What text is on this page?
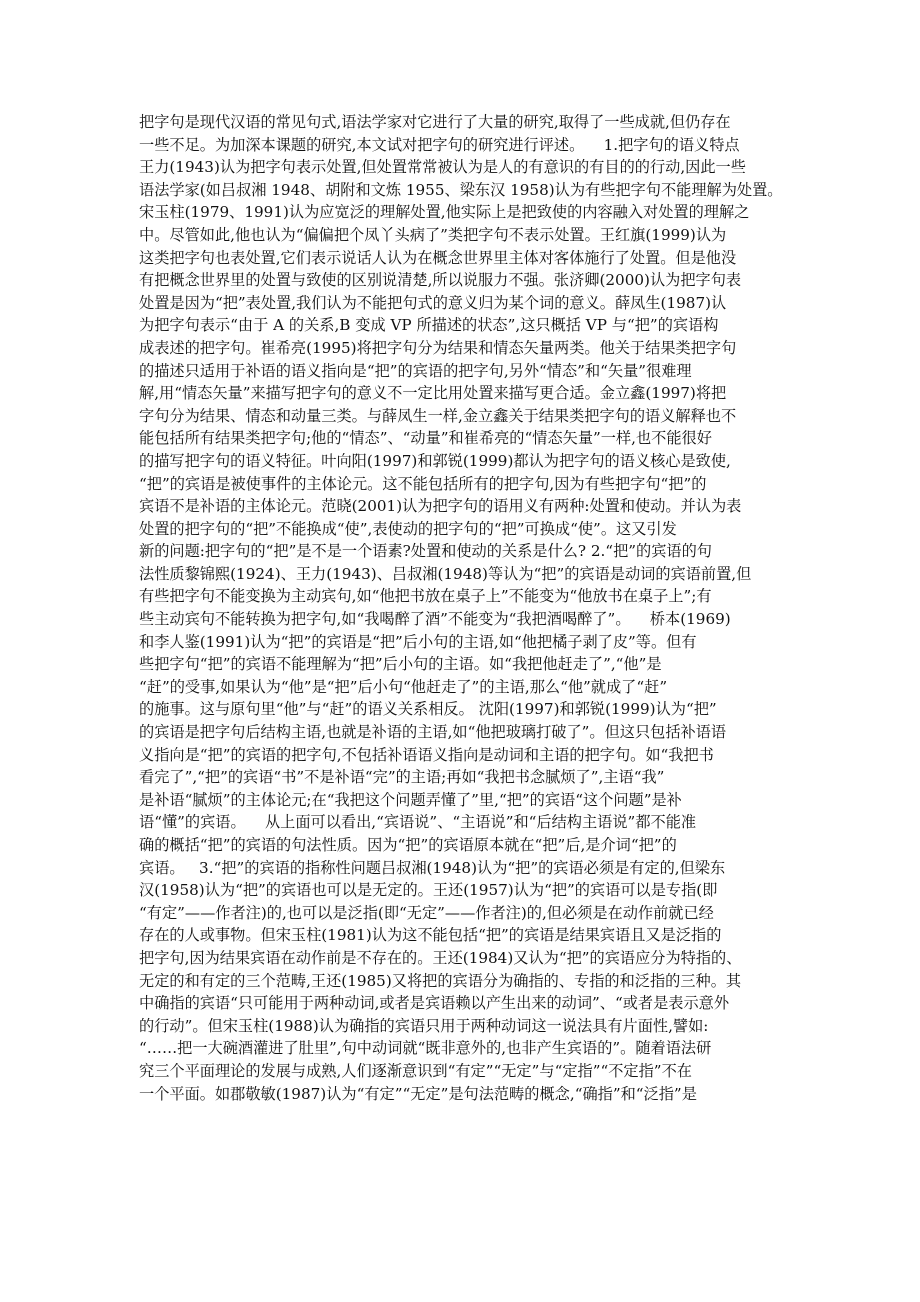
把字句是现代汉语的常见句式,语法学家对它进行了大量的研究,取得了一些成就,但仍存在
一些不足。为加深本课题的研究,本文试对把字句的研究进行评述。    1.把字句的语义特点
王力(1943)认为把字句表示处置,但处置常常被认为是人的有意识的有目的的行动,因此一些
语法学家(如吕叔湘 1948、胡附和文炼 1955、梁东汉 1958)认为有些把字句不能理解为处置。
宋玉柱(1979、1991)认为应宽泛的理解处置,他实际上是把致使的内容融入对处置的理解之
中。尽管如此,他也认为“偏偏把个凤丫头病了”类把字句不表示处置。王红旗(1999)认为
这类把字句也表处置,它们表示说话人认为在概念世界里主体对客体施行了处置。但是他没
有把概念世界里的处置与致使的区别说清楚,所以说服力不强。张济卿(2000)认为把字句表
处置是因为“把”表处置,我们认为不能把句式的意义归为某个词的意义。薛凤生(1987)认
为把字句表示“由于 A 的关系,B 变成 VP 所描述的状态”,这只概括 VP 与“把”的宾语构
成表述的把字句。崔希亮(1995)将把字句分为结果和情态矢量两类。他关于结果类把字句
的描述只适用于补语的语义指向是“把”的宾语的把字句,另外“情态”和“矢量”很难理
解,用“情态矢量”来描写把字句的意义不一定比用处置来描写更合适。金立鑫(1997)将把
字句分为结果、情态和动量三类。与薛凤生一样,金立鑫关于结果类把字句的语义解释也不
能包括所有结果类把字句;他的“情态”、“动量”和崔希亮的“情态矢量”一样,也不能很好
的描写把字句的语义特征。叶向阳(1997)和郭锐(1999)都认为把字句的语义核心是致使,
“把”的宾语是被使事件的主体论元。这不能包括所有的把字句,因为有些把字句“把”的
宾语不是补语的主体论元。范晓(2001)认为把字句的语用义有两种:处置和使动。并认为表
处置的把字句的“把”不能换成“使”,表使动的把字句的“把”可换成“使”。这又引发
新的问题:把字句的“把”是不是一个语素?处置和使动的关系是什么? 2.“把”的宾语的句
法性质黎锦熙(1924)、王力(1943)、吕叔湘(1948)等认为“把”的宾语是动词的宾语前置,但
有些把字句不能变换为主动宾句,如“他把书放在桌子上”不能变为“他放书在桌子上”;有
些主动宾句不能转换为把字句,如“我喝醉了酒”不能变为“我把酒喝醉了”。    桥本(1969)
和李人鉴(1991)认为“把”的宾语是“把”后小句的主语,如“他把橘子剥了皮”等。但有
些把字句“把”的宾语不能理解为“把”后小句的主语。如“我把他赶走了”,“他”是
“赶”的受事,如果认为“他”是“把”后小句“他赶走了”的主语,那么“他”就成了“赶”
的施事。这与原句里“他”与“赶”的语义关系相反。 沈阳(1997)和郭锐(1999)认为“把”
的宾语是把字句后结构主语,也就是补语的主语,如“他把玻璃打破了”。但这只包括补语语
义指向是“把”的宾语的把字句,不包括补语语义指向是动词和主语的把字句。如“我把书
看完了”,“把”的宾语“书”不是补语“完”的主语;再如“我把书念腻烦了”,主语“我”
是补语“腻烦”的主体论元;在“我把这个问题弄懂了”里,“把”的宾语“这个问题”是补
语“懂”的宾语。    从上面可以看出,“宾语说”、“主语说”和“后结构主语说”都不能准
确的概括“把”的宾语的句法性质。因为“把”的宾语原本就在“把”后,是介词“把”的
宾语。   3.“把”的宾语的指称性问题吕叔湘(1948)认为“把”的宾语必须是有定的,但梁东
汉(1958)认为“把”的宾语也可以是无定的。王还(1957)认为“把”的宾语可以是专指(即
“有定”——作者注)的,也可以是泛指(即“无定”——作者注)的,但必须是在动作前就已经
存在的人或事物。但宋玉柱(1981)认为这不能包括“把”的宾语是结果宾语且又是泛指的
把字句,因为结果宾语在动作前是不存在的。王还(1984)又认为“把”的宾语应分为特指的、
无定的和有定的三个范畴,王还(1985)又将把的宾语分为确指的、专指的和泛指的三种。其
中确指的宾语“只可能用于两种动词,或者是宾语赖以产生出来的动词”、“或者是表示意外
的行动”。但宋玉柱(1988)认为确指的宾语只用于两种动词这一说法具有片面性,譬如:
“……把一大碗酒灌进了肚里”,句中动词就“既非意外的,也非产生宾语的”。随着语法研
究三个平面理论的发展与成熟,人们逐渐意识到“有定”“无定”与“定指”“不定指”不在
一个平面。如郡敬敏(1987)认为“有定”“无定”是句法范畴的概念,“确指”和“泛指”是
